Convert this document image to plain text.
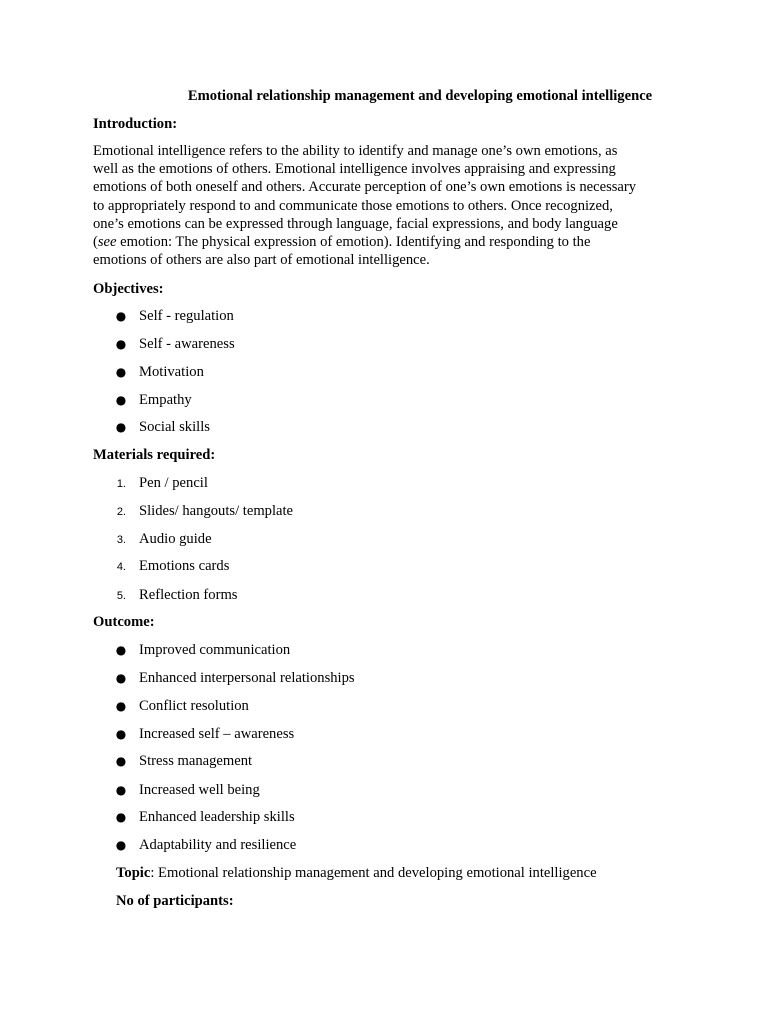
Emotional relationship management and developing emotional intelligence
Introduction:

Emotional intelligence refers to the ability to identify and manage one’s own emotions, as

well as the emotions of others. Emotional intelligence involves appraising and expressing

emotions of both oneself and others. Accurate perception of one’s own emotions is necessary

to appropriately respond to and communicate those emotions to others. Once recognized,

one’s emotions can be expressed through language, facial expressions, and body language

(see emotion: The physical expression of emotion). Identifying and responding to the

emotions of others are also part of emotional intelligence.

Objectives:
● Self - regulation
● Self - awareness
● Motivation
● Empathy
● Social skills
Materials required:
1. Pen / pencil
2. Slides/ hangouts/ template
3. Audio guide
4. Emotions cards
5. Reflection forms
Outcome:
● Improved communication
● Enhanced interpersonal relationships
● Conflict resolution
● Increased self – awareness
● Stress management
● Increased well being
● Enhanced leadership skills
● Adaptability and resilience
Topic: Emotional relationship management and developing emotional intelligence
No of participants:
